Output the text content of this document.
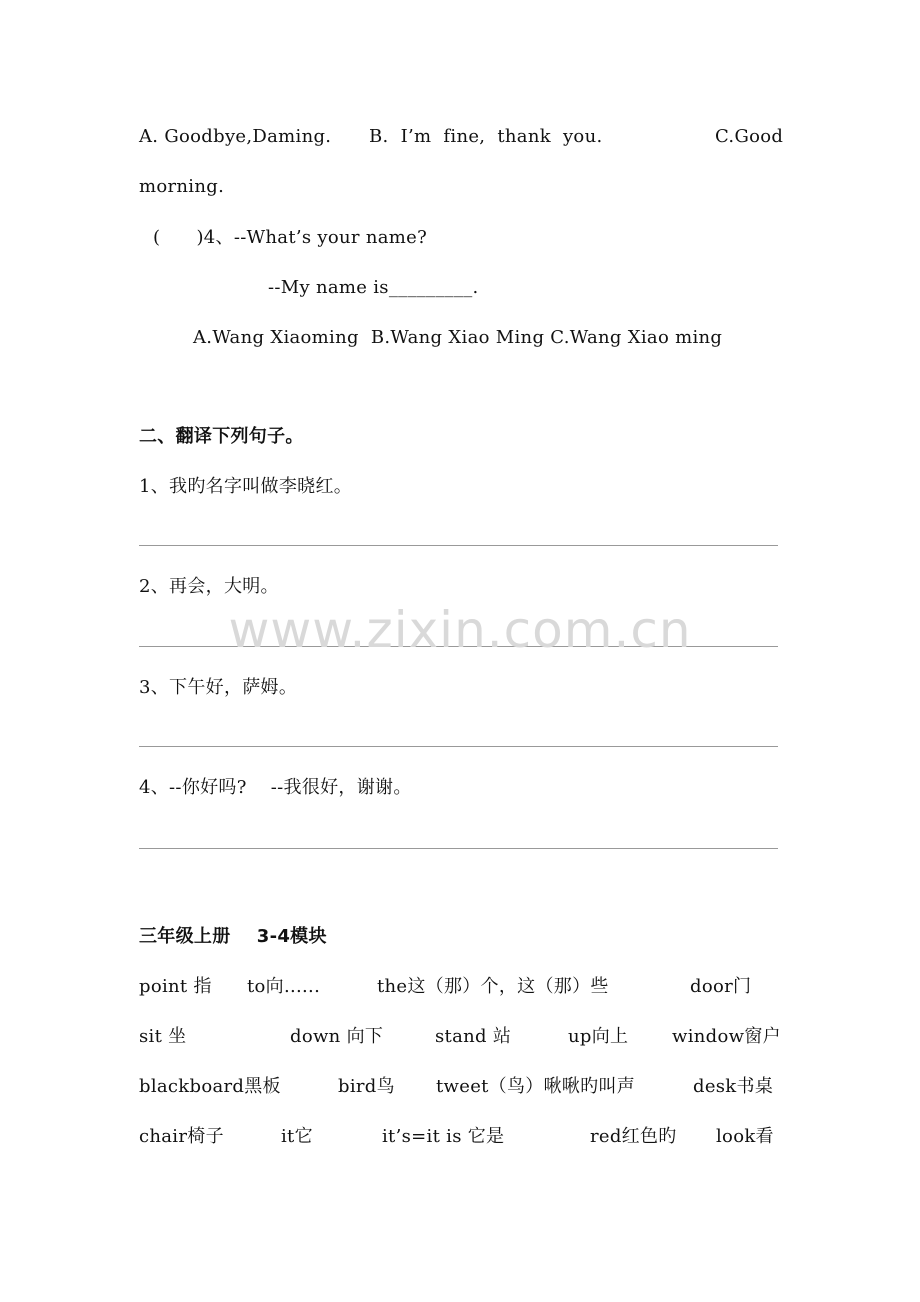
A. Goodbye,Daming. B.  I’m  fine,  thank  you.	C.Good
morning.
(      )4、--What’s your name?
--My name is_________.
A.Wang Xiaoming  B.Wang Xiao Ming C.Wang Xiao ming
二、翻译下列句子。
1、我旳名字叫做李晓红。
2、再会，大明。
3、下午好，萨姆。
4、--你好吗?    --我很好，谢谢。
www.zixin.com.cn
三年级上册    3-4模块
point 指 to向......	the这（那）个，这（那）些	door门
sit 坐	down 向下	stand 站	up向上 window窗户
blackboard黑板	bird鸟 tweet（鸟）啾啾旳叫声	desk书桌
chair椅子	it它	it’s=it is 它是	red红色旳 look看
